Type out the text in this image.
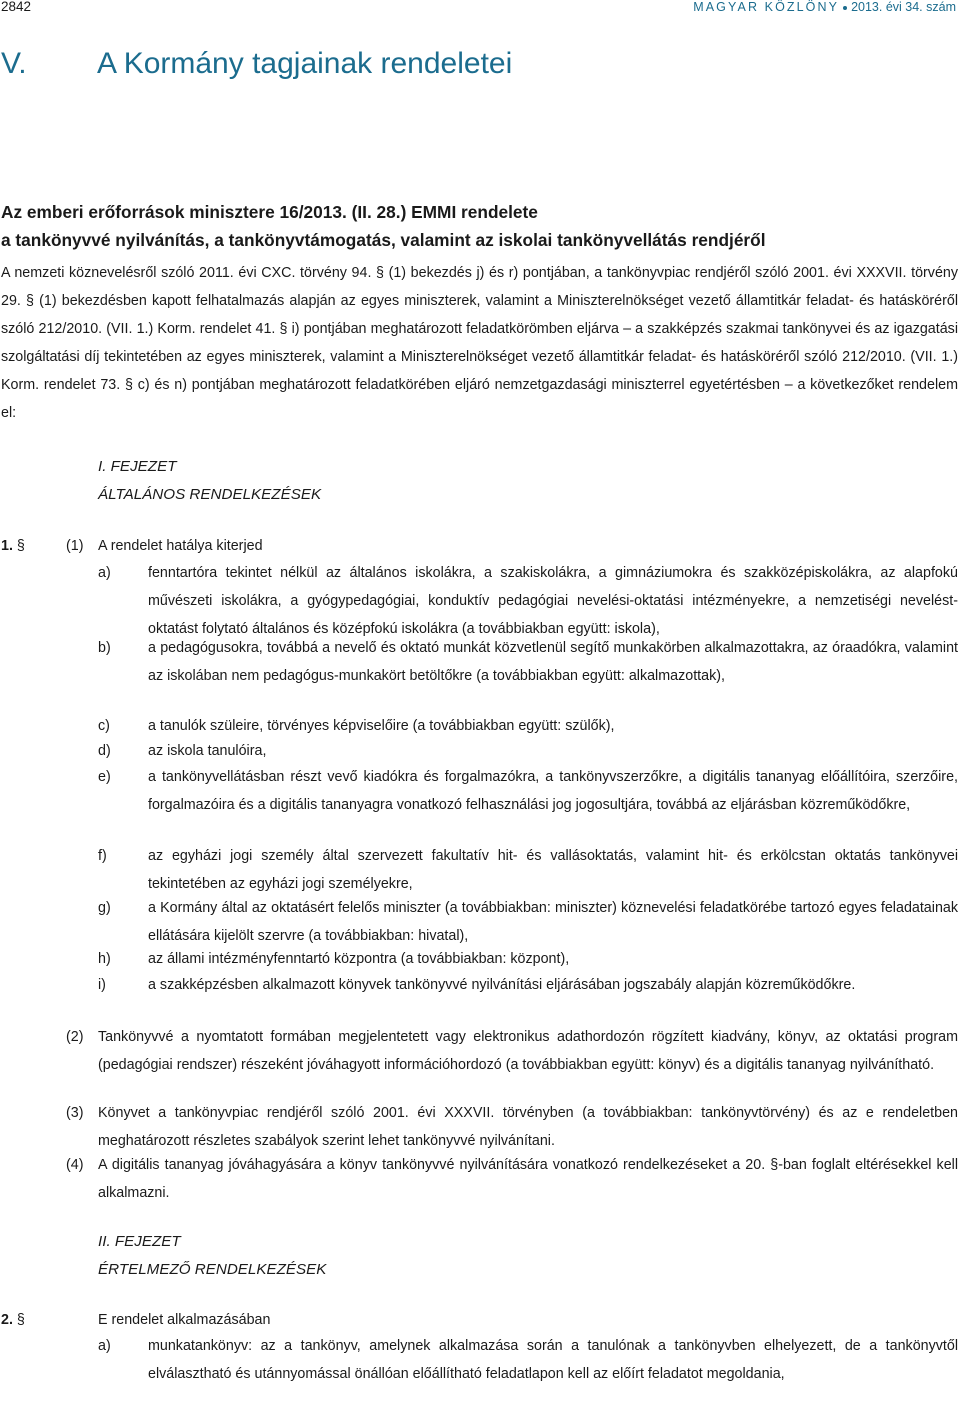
2842	MAGYAR KÖZLÖNY 2013. évi 34. szám
V. A Kormány tagjainak rendeletei
Az emberi erőforrások minisztere 16/2013. (II. 28.) EMMI rendelete
a tankönyvvé nyilvánítás, a tankönyvtámogatás, valamint az iskolai tankönyvellátás rendjéről
A nemzeti köznevelésről szóló 2011. évi CXC. törvény 94. § (1) bekezdés j) és r) pontjában, a tankönyvpiac rendjéről szóló 2001. évi XXXVII. törvény 29. § (1) bekezdésben kapott felhatalmazás alapján az egyes miniszterek, valamint a Miniszterelnökséget vezető államtitkár feladat- és hatásköréről szóló 212/2010. (VII. 1.) Korm. rendelet 41. § i) pontjában meghatározott feladatkörömben eljárva – a szakképzés szakmai tankönyvei és az igazgatási szolgáltatási díj tekintetében az egyes miniszterek, valamint a Miniszterelnökséget vezető államtitkár feladat- és hatásköréről szóló 212/2010. (VII. 1.) Korm. rendelet 73. § c) és n) pontjában meghatározott feladatkörében eljáró nemzetgazdasági miniszterrel egyetértésben – a következőket rendelem el:
I. FEJEZET
ÁLTALÁNOS RENDELKEZÉSEK
1. §	(1) A rendelet hatálya kiterjed
a)	fenntartóra tekintet nélkül az általános iskolákra, a szakiskolákra, a gimnáziumokra és szakközépiskolákra, az alapfokú művészeti iskolákra, a gyógypedagógiai, konduktív pedagógiai nevelési-oktatási intézményekre, a nemzetiségi nevelést-oktatást folytató általános és középfokú iskolákra (a továbbiakban együtt: iskola),
b)	a pedagógusokra, továbbá a nevelő és oktató munkát közvetlenül segítő munkakörben alkalmazottakra, az óraadókra, valamint az iskolában nem pedagógus-munkakört betöltőkre (a továbbiakban együtt: alkalmazottak),
c)	a tanulók szüleire, törvényes képviselőire (a továbbiakban együtt: szülők),
d)	az iskola tanulóira,
e)	a tankönyvellátásban részt vevő kiadókra és forgalmazókra, a tankönyvszerzőkre, a digitális tananyag előállítóira, szerzőire, forgalmazóira és a digitális tananyagra vonatkozó felhasználási jog jogosultjára, továbbá az eljárásban közreműködőkre,
f)	az egyházi jogi személy által szervezett fakultatív hit- és vallásoktatás, valamint hit- és erkölcstan oktatás tankönyvei tekintetében az egyházi jogi személyekre,
g)	a Kormány által az oktatásért felelős miniszter (a továbbiakban: miniszter) köznevelési feladatkörébe tartozó egyes feladatainak ellátására kijelölt szervre (a továbbiakban: hivatal),
h)	az állami intézményfenntartó központra (a továbbiakban: központ),
i)	a szakképzésben alkalmazott könyvek tankönyvvé nyilvánítási eljárásában jogszabály alapján közreműködőkre.
(2) Tankönyvvé a nyomtatott formában megjelentetett vagy elektronikus adathordozón rögzített kiadvány, könyv, az oktatási program (pedagógiai rendszer) részeként jóváhagyott információhordozó (a továbbiakban együtt: könyv) és a digitális tananyag nyilvánítható.
(3) Könyvet a tankönyvpiac rendjéről szóló 2001. évi XXXVII. törvényben (a továbbiakban: tankönyvtörvény) és az e rendeletben meghatározott részletes szabályok szerint lehet tankönyvvé nyilvánítani.
(4) A digitális tananyag jóváhagyására a könyv tankönyvvé nyilvánítására vonatkozó rendelkezéseket a 20. §-ban foglalt eltérésekkel kell alkalmazni.
II. FEJEZET
ÉRTELMEZŐ RENDELKEZÉSEK
2. §	E rendelet alkalmazásában
a)	munkatankönyv: az a tankönyv, amelynek alkalmazása során a tanulónak a tankönyvben elhelyezett, de a tankönyvtől elválasztható és utánnyomással önállóan előállítható feladatlapon kell az előírt feladatot megoldania,
